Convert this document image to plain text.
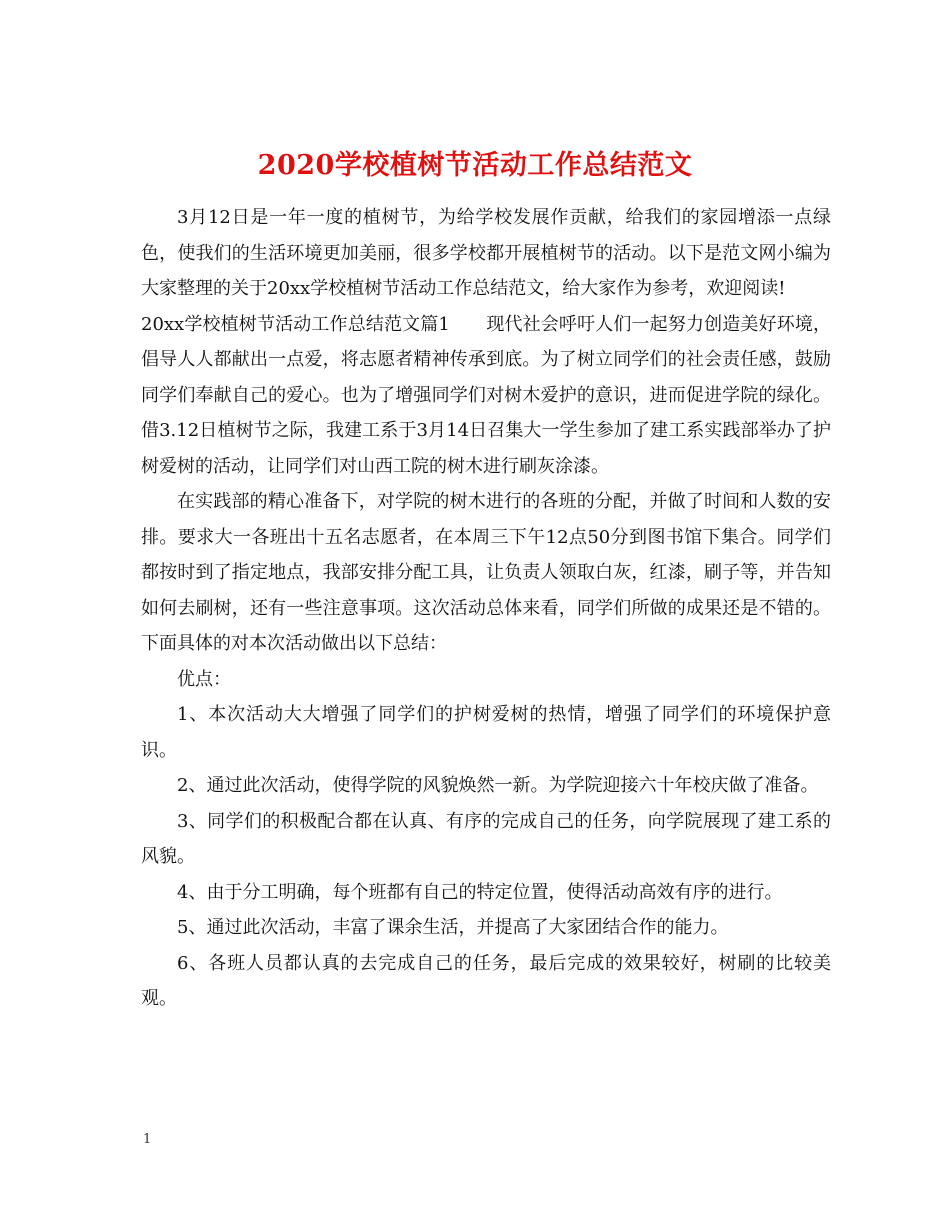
2020学校植树节活动工作总结范文

3月12日是一年一度的植树节，为给学校发展作贡献，给我们的家园增添一点绿色，使我们的生活环境更加美丽，很多学校都开展植树节的活动。以下是范文网小编为大家整理的关于20xx学校植树节活动工作总结范文，给大家作为参考，欢迎阅读!

20xx学校植树节活动工作总结范文篇1　　现代社会呼吁人们一起努力创造美好环境，倡导人人都献出一点爱，将志愿者精神传承到底。为了树立同学们的社会责任感，鼓励同学们奉献自己的爱心。也为了增强同学们对树木爱护的意识，进而促进学院的绿化。借3.12日植树节之际，我建工系于3月14日召集大一学生参加了建工系实践部举办了护树爱树的活动，让同学们对山西工院的树木进行刷灰涂漆。

在实践部的精心准备下，对学院的树木进行的各班的分配，并做了时间和人数的安排。要求大一各班出十五名志愿者，在本周三下午12点50分到图书馆下集合。同学们都按时到了指定地点，我部安排分配工具，让负责人领取白灰，红漆，刷子等，并告知如何去刷树，还有一些注意事项。这次活动总体来看，同学们所做的成果还是不错的。下面具体的对本次活动做出以下总结：

优点：

1、本次活动大大增强了同学们的护树爱树的热情，增强了同学们的环境保护意识。

2、通过此次活动，使得学院的风貌焕然一新。为学院迎接六十年校庆做了准备。

3、同学们的积极配合都在认真、有序的完成自己的任务，向学院展现了建工系的风貌。

4、由于分工明确，每个班都有自己的特定位置，使得活动高效有序的进行。

5、通过此次活动，丰富了课余生活，并提高了大家团结合作的能力。

6、各班人员都认真的去完成自己的任务，最后完成的效果较好，树刷的比较美观。

1
